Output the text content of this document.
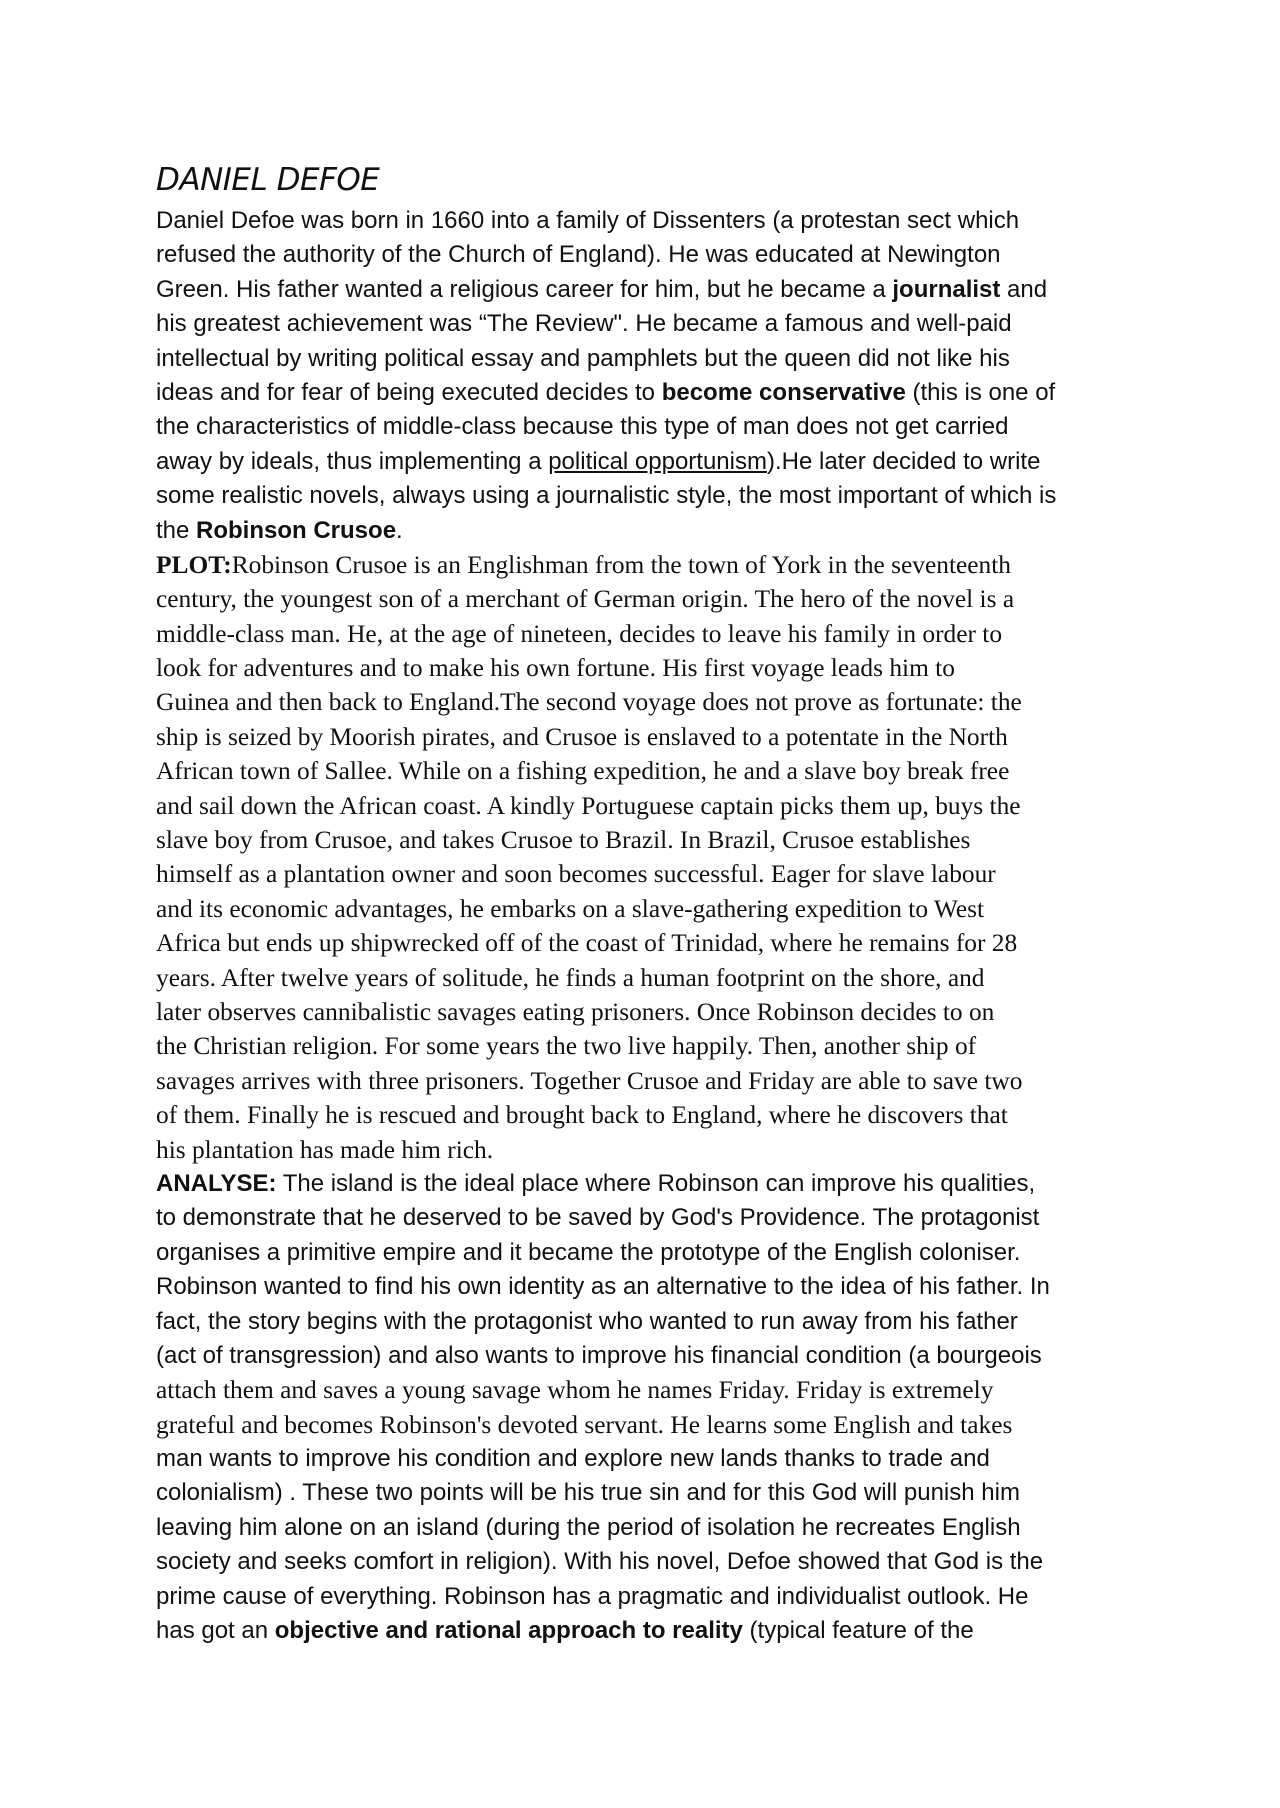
DANIEL DEFOE
Daniel Defoe was born in 1660 into a family of Dissenters (a protestan sect which
refused the authority of the Church of England). He was educated at Newington
Green. His father wanted a religious career for him, but he became a journalist and
his greatest achievement was “The Review". He became a famous and well-paid
intellectual by writing political essay and pamphlets but the queen did not like his
ideas and for fear of being executed decides to become conservative (this is one of
the characteristics of middle-class because this type of man does not get carried
away by ideals, thus implementing a political opportunism).He later decided to write
some realistic novels, always using a journalistic style, the most important of which is
the Robinson Crusoe.
PLOT:Robinson Crusoe is an Englishman from the town of York in the seventeenth
century, the youngest son of a merchant of German origin. The hero of the novel is a
middle-class man. He, at the age of nineteen, decides to leave his family in order to
look for adventures and to make his own fortune. His first voyage leads him to
Guinea and then back to England.The second voyage does not prove as fortunate: the
ship is seized by Moorish pirates, and Crusoe is enslaved to a potentate in the North
African town of Sallee. While on a fishing expedition, he and a slave boy break free
and sail down the African coast. A kindly Portuguese captain picks them up, buys the
slave boy from Crusoe, and takes Crusoe to Brazil. In Brazil, Crusoe establishes
himself as a plantation owner and soon becomes successful. Eager for slave labour
and its economic advantages, he embarks on a slave-gathering expedition to West
Africa but ends up shipwrecked off of the coast of Trinidad, where he remains for 28
years. After twelve years of solitude, he finds a human footprint on the shore, and
later observes cannibalistic savages eating prisoners. Once Robinson decides to on
the Christian religion. For some years the two live happily. Then, another ship of
savages arrives with three prisoners. Together Crusoe and Friday are able to save two
of them. Finally he is rescued and brought back to England, where he discovers that
his plantation has made him rich.
ANALYSE: The island is the ideal place where Robinson can improve his qualities,
to demonstrate that he deserved to be saved by God's Providence. The protagonist
organises a primitive empire and it became the prototype of the English coloniser.
Robinson wanted to find his own identity as an alternative to the idea of his father. In
fact, the story begins with the protagonist who wanted to run away from his father
(act of transgression) and also wants to improve his financial condition (a bourgeois
attach them and saves a young savage whom he names Friday. Friday is extremely
grateful and becomes Robinson's devoted servant. He learns some English and takes
man wants to improve his condition and explore new lands thanks to trade and
colonialism) . These two points will be his true sin and for this God will punish him
leaving him alone on an island (during the period of isolation he recreates English
society and seeks comfort in religion). With his novel, Defoe showed that God is the
prime cause of everything. Robinson has a pragmatic and individualist outlook. He
has got an objective and rational approach to reality (typical feature of the
